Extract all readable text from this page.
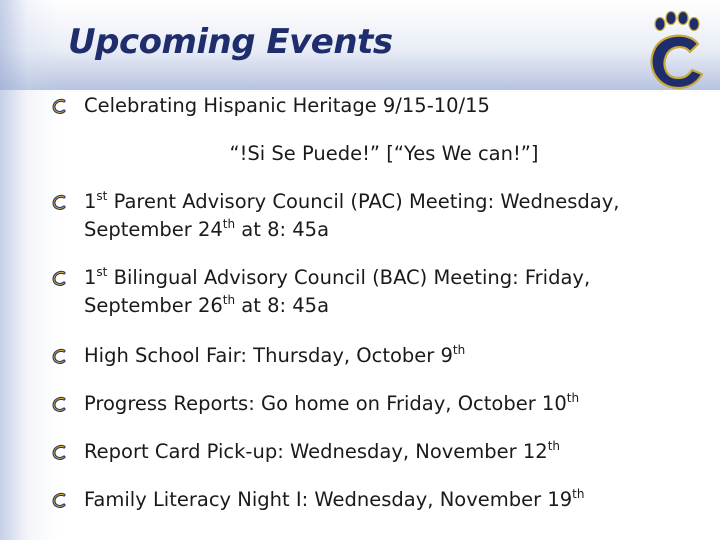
Upcoming Events
Celebrating Hispanic Heritage 9/15-10/15
“!Si Se Puede!” [“Yes We can!”]
1st Parent Advisory Council (PAC) Meeting: Wednesday,
September 24th at 8: 45a
1st Bilingual Advisory Council (BAC) Meeting: Friday,
September 26th at 8: 45a
High School Fair: Thursday, October 9th
Progress Reports: Go home on Friday, October 10th
Report Card Pick-up: Wednesday, November 12th
Family Literacy Night I: Wednesday, November 19th
